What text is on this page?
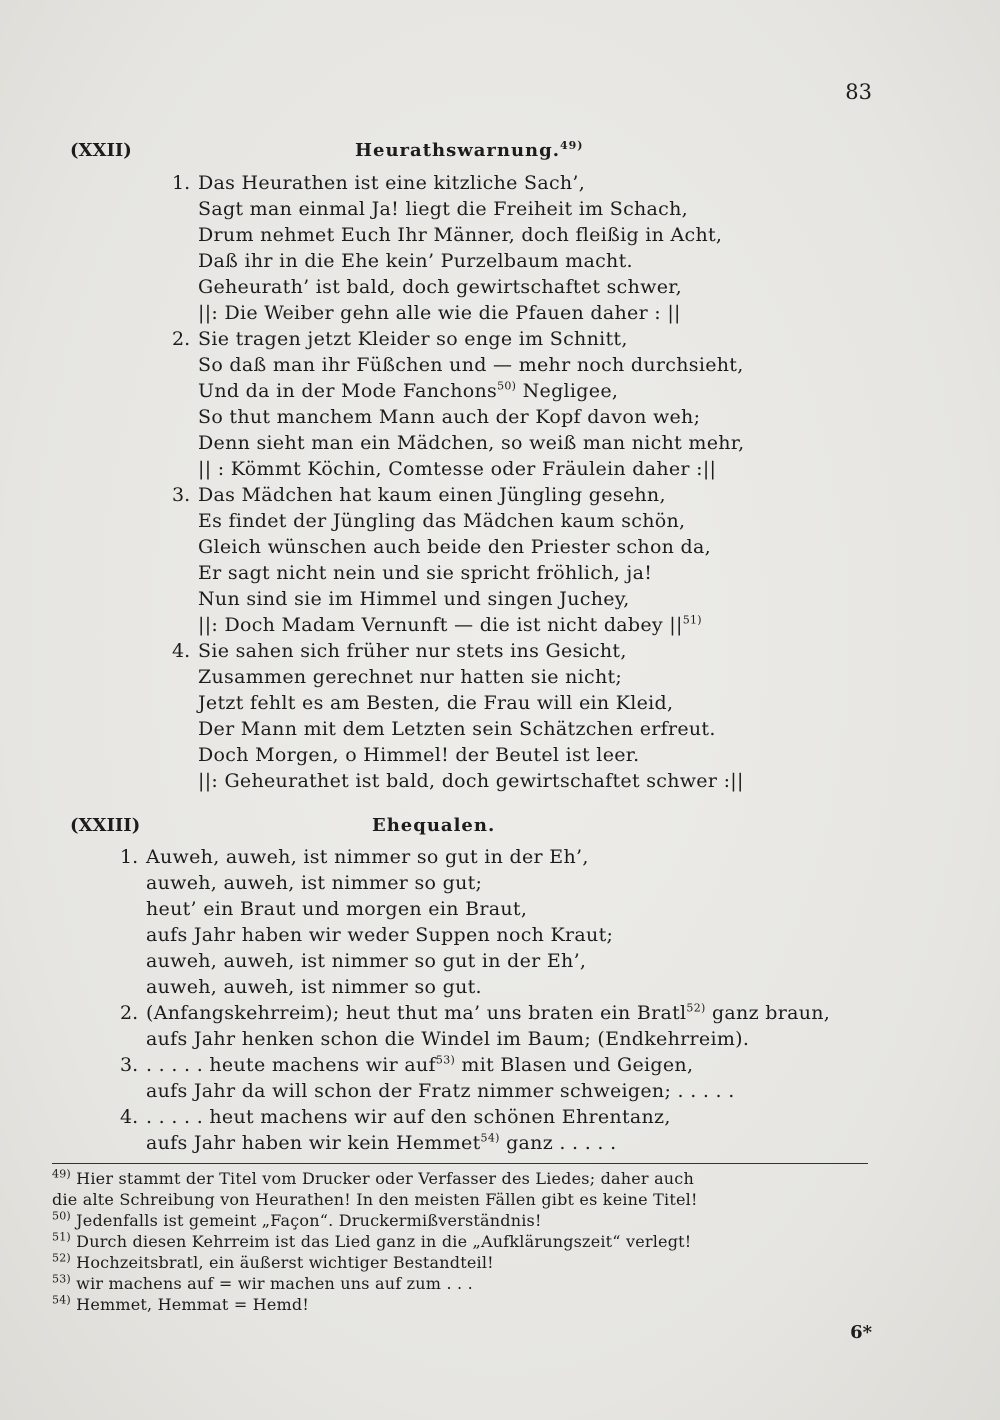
83
(XXII)	Heurathswarnung.$^{49)}$
1. Das Heurathen ist eine kitzliche Sach’,
Sagt man einmal Ja! liegt die Freiheit im Schach,
Drum nehmet Euch Ihr Männer, doch fleißig in Acht,
Daß ihr in die Ehe kein’ Purzelbaum macht.
Geheurath’ ist bald, doch gewirtschaftet schwer,
||: Die Weiber gehn alle wie die Pfauen daher : ||
2. Sie tragen jetzt Kleider so enge im Schnitt,
So daß man ihr Füßchen und — mehr noch durchsieht,
Und da in der Mode Fanchons$^{50)}$ Negligee,
So thut manchem Mann auch der Kopf davon weh;
Denn sieht man ein Mädchen, so weiß man nicht mehr,
|| : Kömmt Köchin, Comtesse oder Fräulein daher :||
3. Das Mädchen hat kaum einen Jüngling gesehn,
Es findet der Jüngling das Mädchen kaum schön,
Gleich wünschen auch beide den Priester schon da,
Er sagt nicht nein und sie spricht fröhlich, ja!
Nun sind sie im Himmel und singen Juchey,
||: Doch Madam Vernunft — die ist nicht dabey $||^{51)}$
4. Sie sahen sich früher nur stets ins Gesicht,
Zusammen gerechnet nur hatten sie nicht;
Jetzt fehlt es am Besten, die Frau will ein Kleid,
Der Mann mit dem Letzten sein Schätzchen erfreut.
Doch Morgen, o Himmel! der Beutel ist leer.
||: Geheurathet ist bald, doch gewirtschaftet schwer :||
(XXIII)	Ehequalen.
1. Auweh, auweh, ist nimmer so gut in der Eh’,
auweh, auweh, ist nimmer so gut;
heut’ ein Braut und morgen ein Braut,
aufs Jahr haben wir weder Suppen noch Kraut;
auweh, auweh, ist nimmer so gut in der Eh’,
auweh, auweh, ist nimmer so gut.
2. (Anfangskehrreim); heut thut ma’ uns braten ein Bratl$^{52)}$ ganz braun,
aufs Jahr henken schon die Windel im Baum; (Endkehrreim).
3. . . . . . heute machens wir auf$^{53)}$ mit Blasen und Geigen,
aufs Jahr da will schon der Fratz nimmer schweigen; . . . . .
4. . . . . . heut machens wir auf den schönen Ehrentanz,
aufs Jahr haben wir kein Hemmet$^{54)}$ ganz . . . . .
$^{49)}$ Hier stammt der Titel vom Drucker oder Verfasser des Liedes; daher auch
die alte Schreibung von Heurathen! In den meisten Fällen gibt es keine Titel!
$^{50)}$ Jedenfalls ist gemeint „Façon“. Druckermißverständnis!
$^{51)}$ Durch diesen Kehrreim ist das Lied ganz in die „Aufklärungszeit“ verlegt!
$^{52)}$ Hochzeitsbratl, ein äußerst wichtiger Bestandteil!
$^{53)}$ wir machens auf = wir machen uns auf zum . . .
$^{54)}$ Hemmet, Hemmat = Hemd!
6*
